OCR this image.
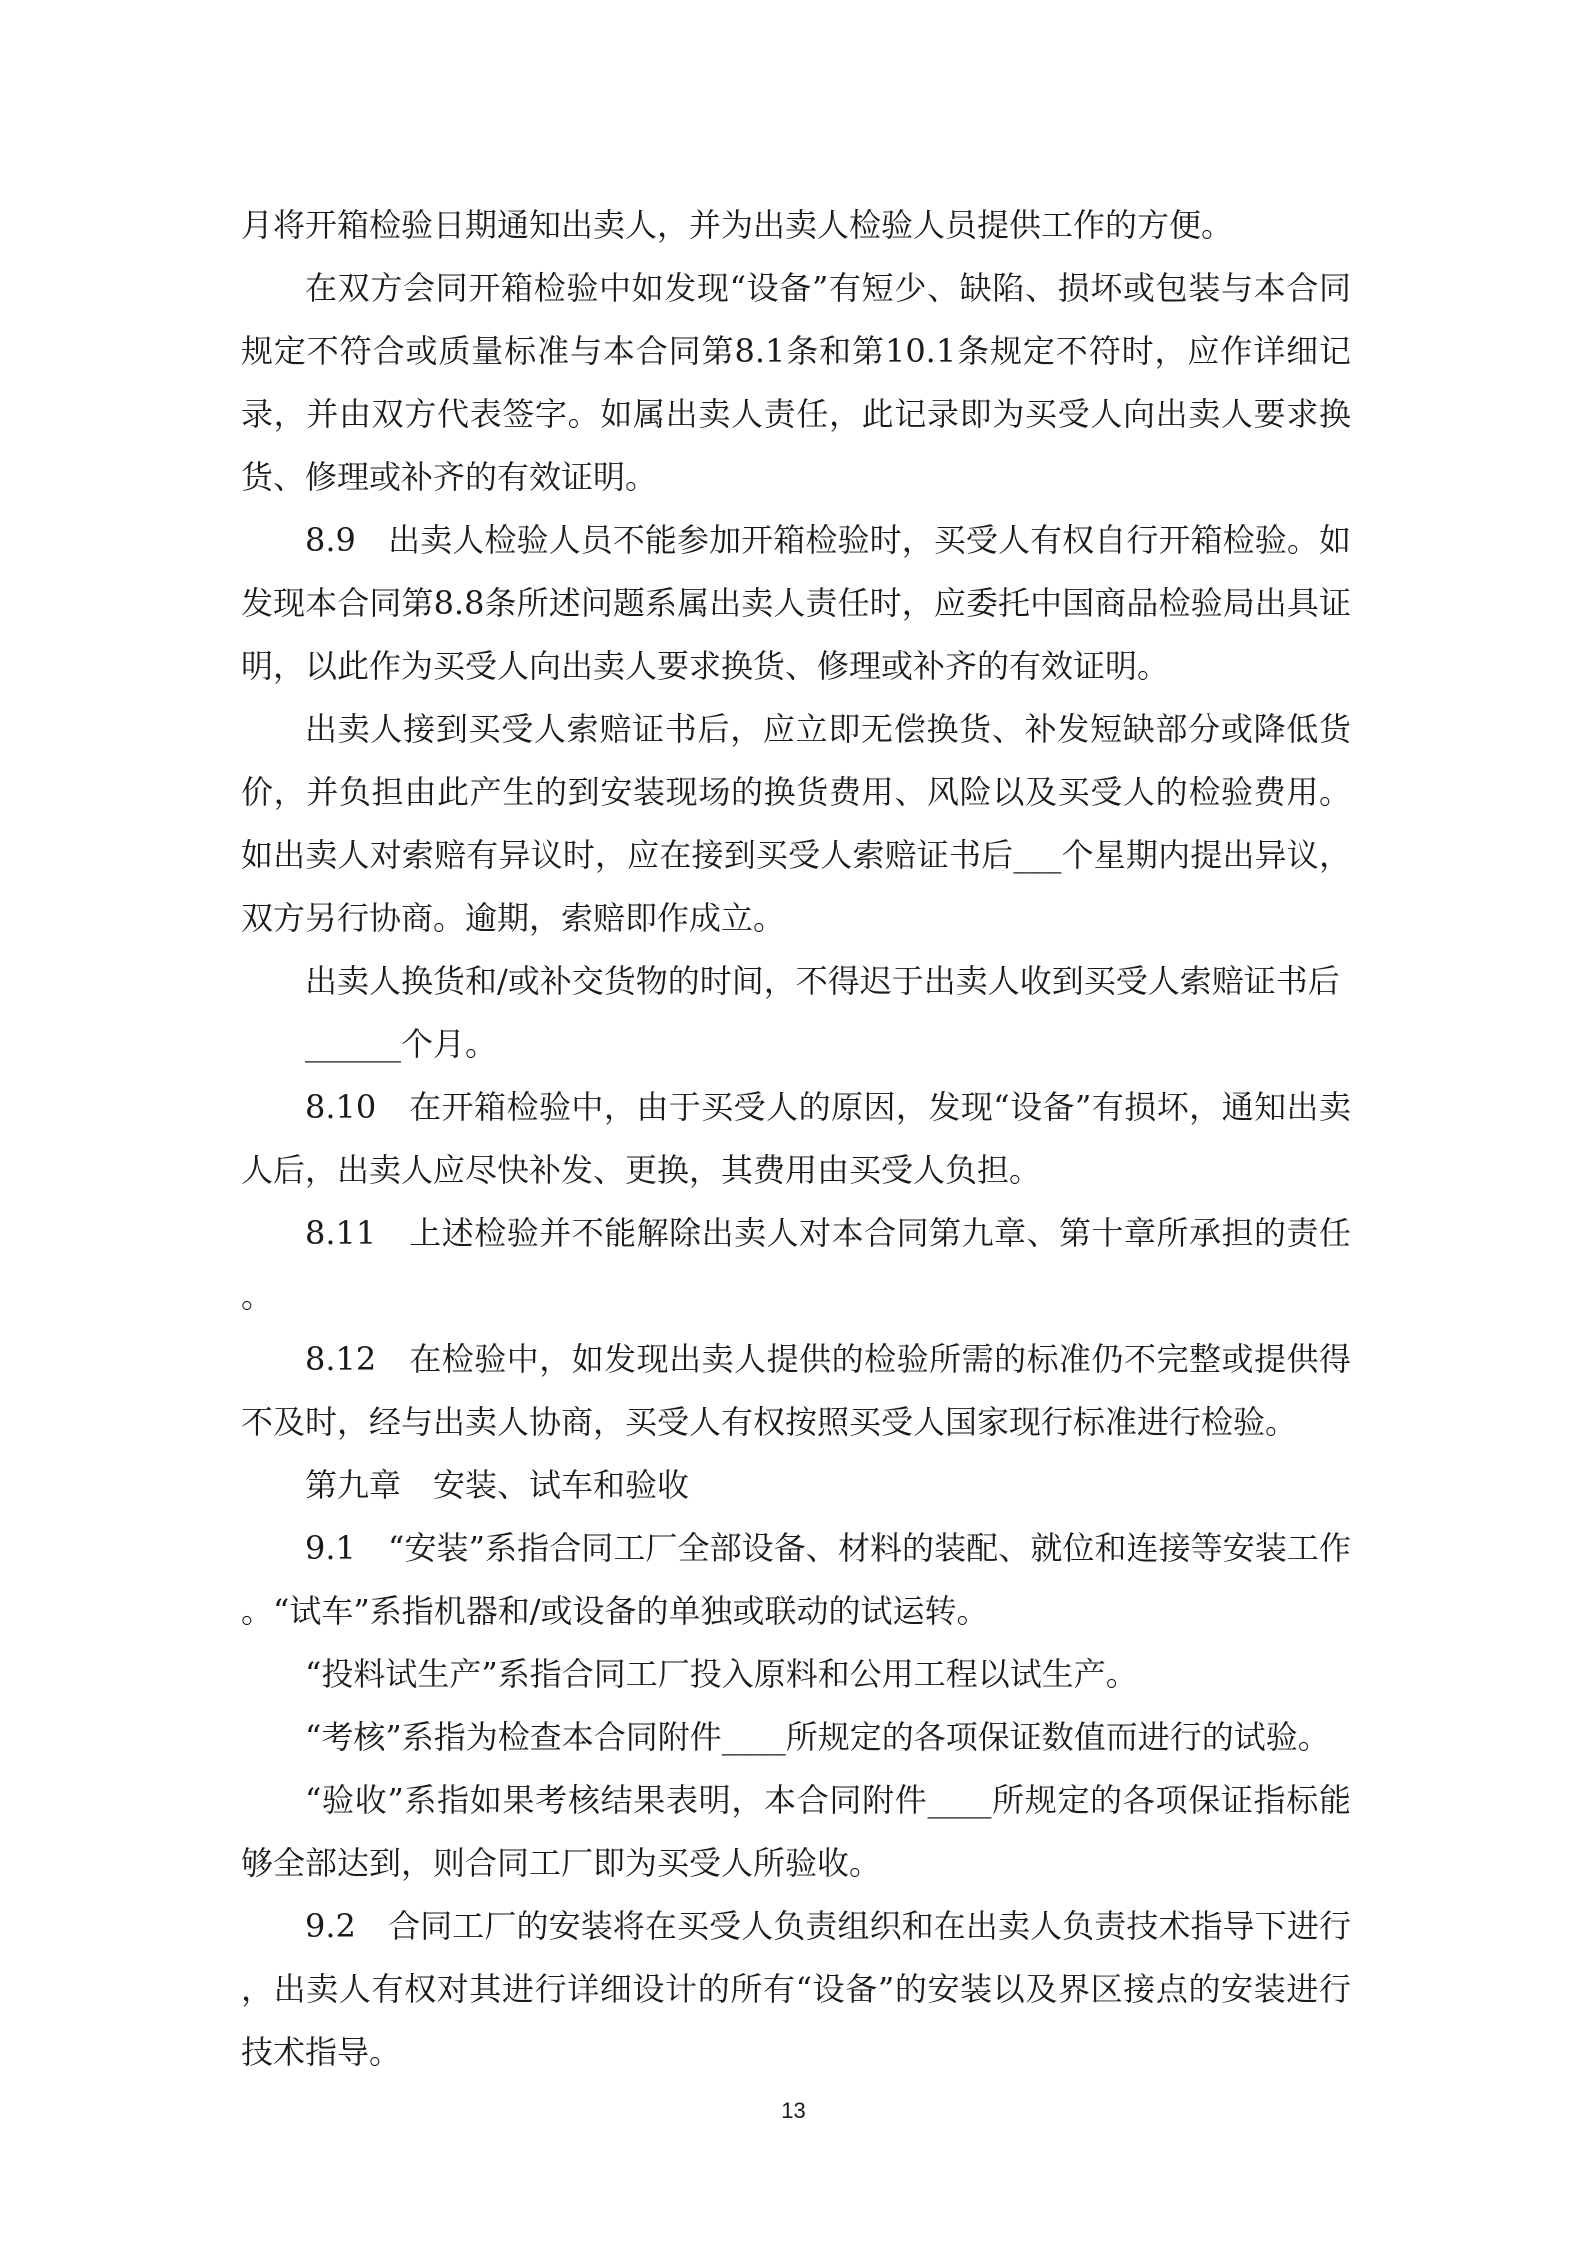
月将开箱检验日期通知出卖人，并为出卖人检验人员提供工作的方便。

在双方会同开箱检验中如发现“设备”有短少、缺陷、损坏或包装与本合同规定不符合或质量标准与本合同第8.1条和第10.1条规定不符时，应作详细记录，并由双方代表签字。如属出卖人责任，此记录即为买受人向出卖人要求换货、修理或补齐的有效证明。

8.9　出卖人检验人员不能参加开箱检验时，买受人有权自行开箱检验。如发现本合同第8.8条所述问题系属出卖人责任时，应委托中国商品检验局出具证明，以此作为买受人向出卖人要求换货、修理或补齐的有效证明。

出卖人接到买受人索赔证书后，应立即无偿换货、补发短缺部分或降低货价，并负担由此产生的到安装现场的换货费用、风险以及买受人的检验费用。如出卖人对索赔有异议时，应在接到买受人索赔证书后___个星期内提出异议，双方另行协商。逾期，索赔即作成立。

出卖人换货和/或补交货物的时间，不得迟于出卖人收到买受人索赔证书后

______个月。

8.10　在开箱检验中，由于买受人的原因，发现“设备”有损坏，通知出卖人后，出卖人应尽快补发、更换，其费用由买受人负担。

8.11　上述检验并不能解除出卖人对本合同第九章、第十章所承担的责任。

8.12　在检验中，如发现出卖人提供的检验所需的标准仍不完整或提供得不及时，经与出卖人协商，买受人有权按照买受人国家现行标准进行检验。

第九章　安装、试车和验收

9.1　“安装”系指合同工厂全部设备、材料的装配、就位和连接等安装工作。“试车”系指机器和/或设备的单独或联动的试运转。

“投料试生产”系指合同工厂投入原料和公用工程以试生产。

“考核”系指为检查本合同附件____所规定的各项保证数值而进行的试验。

“验收”系指如果考核结果表明，本合同附件____所规定的各项保证指标能够全部达到，则合同工厂即为买受人所验收。

9.2　合同工厂的安装将在买受人负责组织和在出卖人负责技术指导下进行，出卖人有权对其进行详细设计的所有“设备”的安装以及界区接点的安装进行技术指导。

13
